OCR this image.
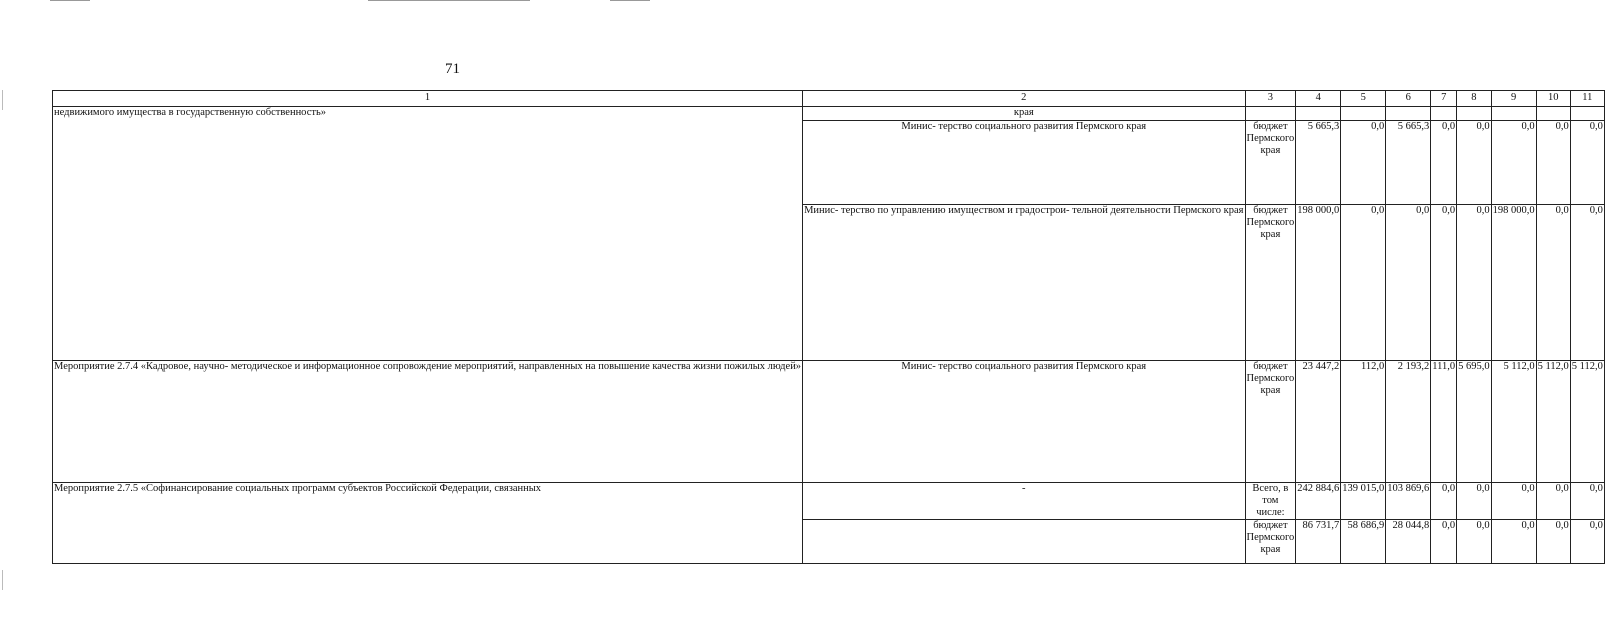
71
1	2	3	4	5	6	7	8	9	10	11
недвижимого имущества в государственную собственность»	края									
	Минис- терство социального развития Пермского края	бюджет
Пермского
края	5 665,3	0,0	5 665,3	0,0	0,0	0,0	0,0	0,0
	Минис- терство по управлению имуществом и градострои- тельной деятельности Пермского края	бюджет
Пермского
края	198 000,0	0,0	0,0	0,0	0,0	198 000,0	0,0	0,0
Мероприятие 2.7.4 «Кадровое, научно- методическое и информационное сопровождение мероприятий, направленных на повышение качества жизни пожилых людей»	Минис- терство социального развития Пермского края	бюджет
Пермского
края	23 447,2	112,0	2 193,2	111,0	5 695,0	5 112,0	5 112,0	5 112,0
Мероприятие 2.7.5 «Софинансирование социальных программ субъектов Российской Федерации, связанных	-	Всего, в том
числе:	242 884,6	139 015,0	103 869,6	0,0	0,0	0,0	0,0	0,0
		бюджет
Пермского
края	86 731,7	58 686,9	28 044,8	0,0	0,0	0,0	0,0	0,0
